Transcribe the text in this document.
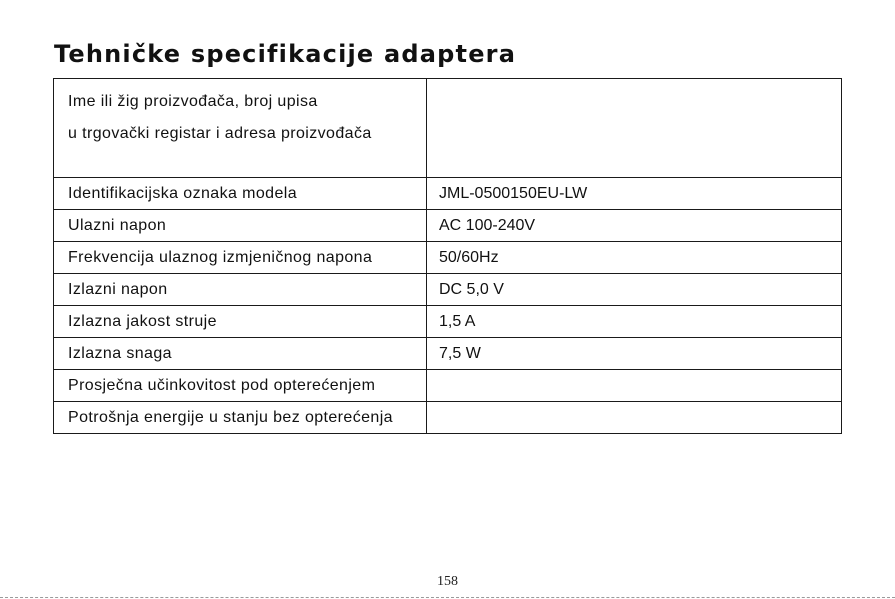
Tehničke specifikacije adaptera
Ime ili žig proizvođača, broj upisa
u trgovački registar i adresa proizvođača	

Identifikacijska oznaka modela	JML-0500150EU-LW
Ulazni napon	AC 100-240V
Frekvencija ulaznog izmjeničnog napona	50/60Hz
Izlazni napon	DC 5,0 V
Izlazna jakost struje	1,5 A
Izlazna snaga	7,5 W
Prosječna učinkovitost pod opterećenjem	
Potrošnja energije u stanju bez opterećenja	
158
